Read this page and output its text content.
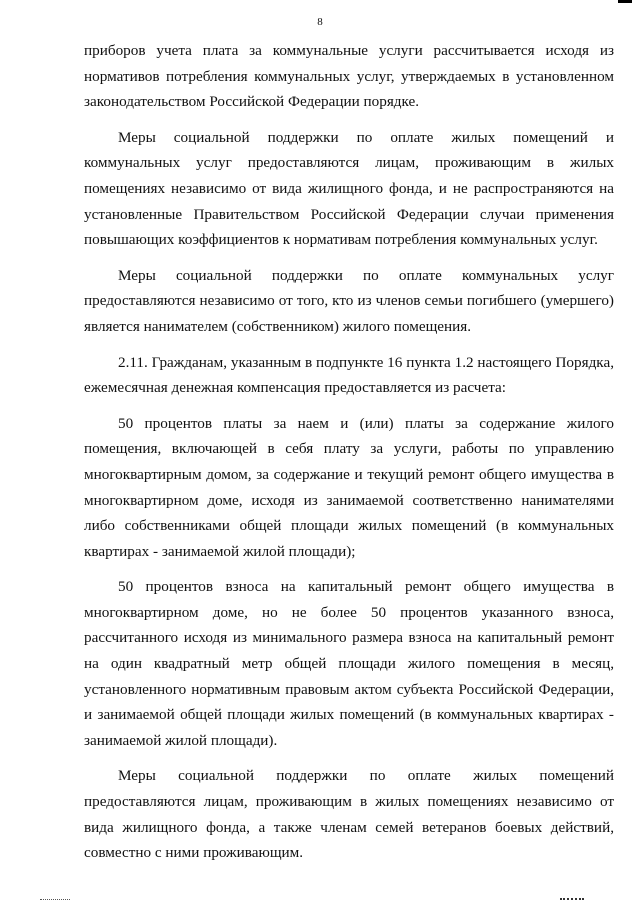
8

приборов учета плата за коммунальные услуги рассчитывается исходя из нормативов потребления коммунальных услуг, утверждаемых в установленном законодательством Российской Федерации порядке.

Меры социальной поддержки по оплате жилых помещений и коммунальных услуг предоставляются лицам, проживающим в жилых помещениях независимо от вида жилищного фонда, и не распространяются на установленные Правительством Российской Федерации случаи применения повышающих коэффициентов к нормативам потребления коммунальных услуг.

Меры социальной поддержки по оплате коммунальных услуг предоставляются независимо от того, кто из членов семьи погибшего (умершего) является нанимателем (собственником) жилого помещения.

2.11. Гражданам, указанным в подпункте 16 пункта 1.2 настоящего Порядка, ежемесячная денежная компенсация предоставляется из расчета:

50 процентов платы за наем и (или) платы за содержание жилого помещения, включающей в себя плату за услуги, работы по управлению многоквартирным домом, за содержание и текущий ремонт общего имущества в многоквартирном доме, исходя из занимаемой соответственно нанимателями либо собственниками общей площади жилых помещений (в коммунальных квартирах - занимаемой жилой площади);

50 процентов взноса на капитальный ремонт общего имущества в многоквартирном доме, но не более 50 процентов указанного взноса, рассчитанного исходя из минимального размера взноса на капитальный ремонт на один квадратный метр общей площади жилого помещения в месяц, установленного нормативным правовым актом субъекта Российской Федерации, и занимаемой общей площади жилых помещений (в коммунальных квартирах - занимаемой жилой площади).

Меры социальной поддержки по оплате жилых помещений предоставляются лицам, проживающим в жилых помещениях независимо от вида жилищного фонда, а также членам семей ветеранов боевых действий, совместно с ними проживающим.
